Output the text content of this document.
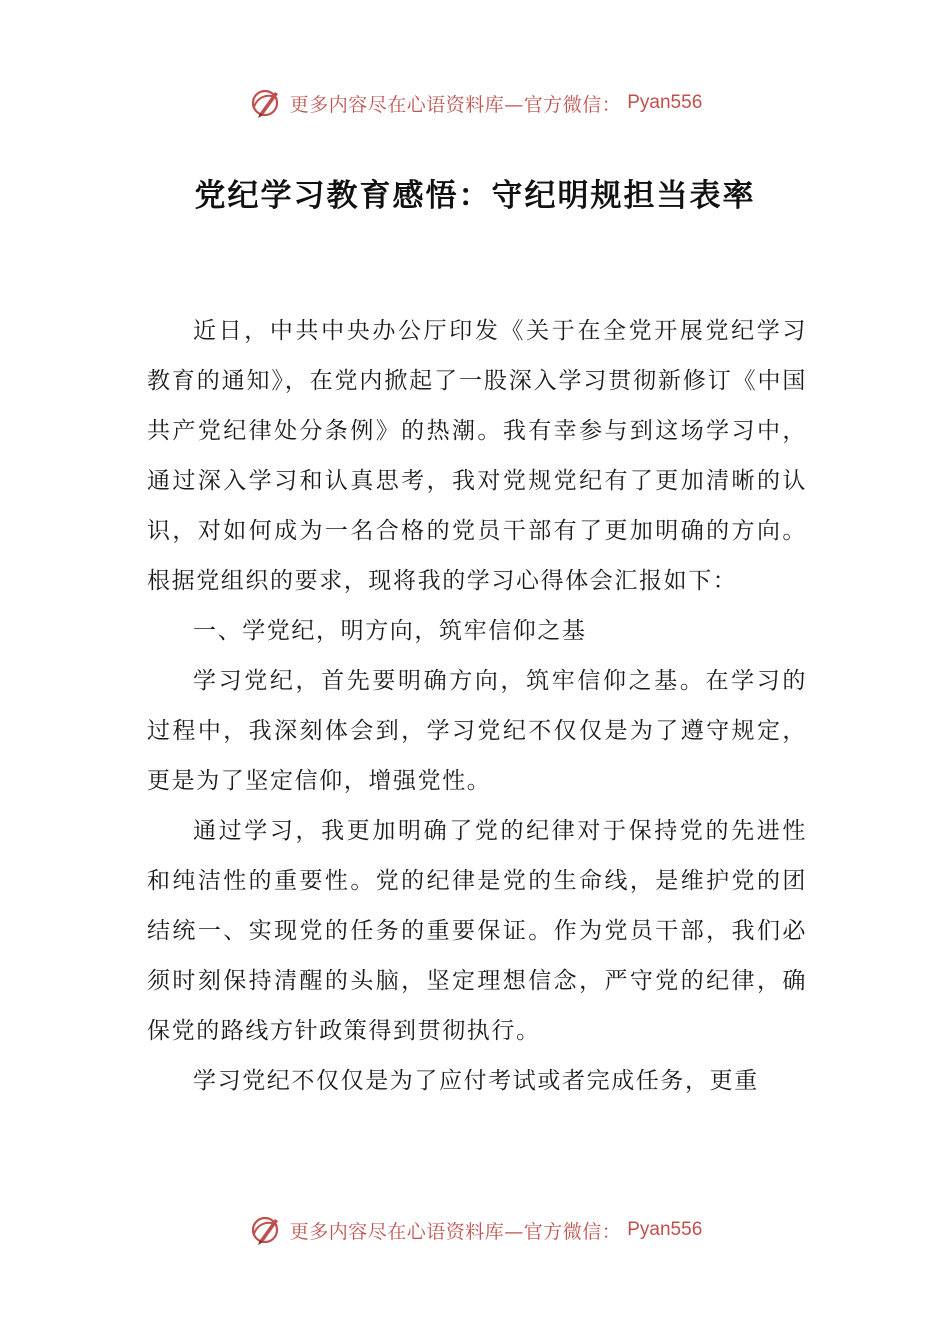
更多内容尽在心语资料库—官方微信： Pyan556
党纪学习教育感悟：守纪明规担当表率

近日，中共中央办公厅印发《关于在全党开展党纪学习教育的通知》，在党内掀起了一股深入学习贯彻新修订《中国共产党纪律处分条例》的热潮。我有幸参与到这场学习中，通过深入学习和认真思考，我对党规党纪有了更加清晰的认识，对如何成为一名合格的党员干部有了更加明确的方向。根据党组织的要求，现将我的学习心得体会汇报如下：

一、学党纪，明方向，筑牢信仰之基

学习党纪，首先要明确方向，筑牢信仰之基。在学习的过程中，我深刻体会到，学习党纪不仅仅是为了遵守规定，更是为了坚定信仰，增强党性。

通过学习，我更加明确了党的纪律对于保持党的先进性和纯洁性的重要性。党的纪律是党的生命线，是维护党的团结统一、实现党的任务的重要保证。作为党员干部，我们必须时刻保持清醒的头脑，坚定理想信念，严守党的纪律，确保党的路线方针政策得到贯彻执行。

学习党纪不仅仅是为了应付考试或者完成任务，更重

更多内容尽在心语资料库—官方微信： Pyan556
